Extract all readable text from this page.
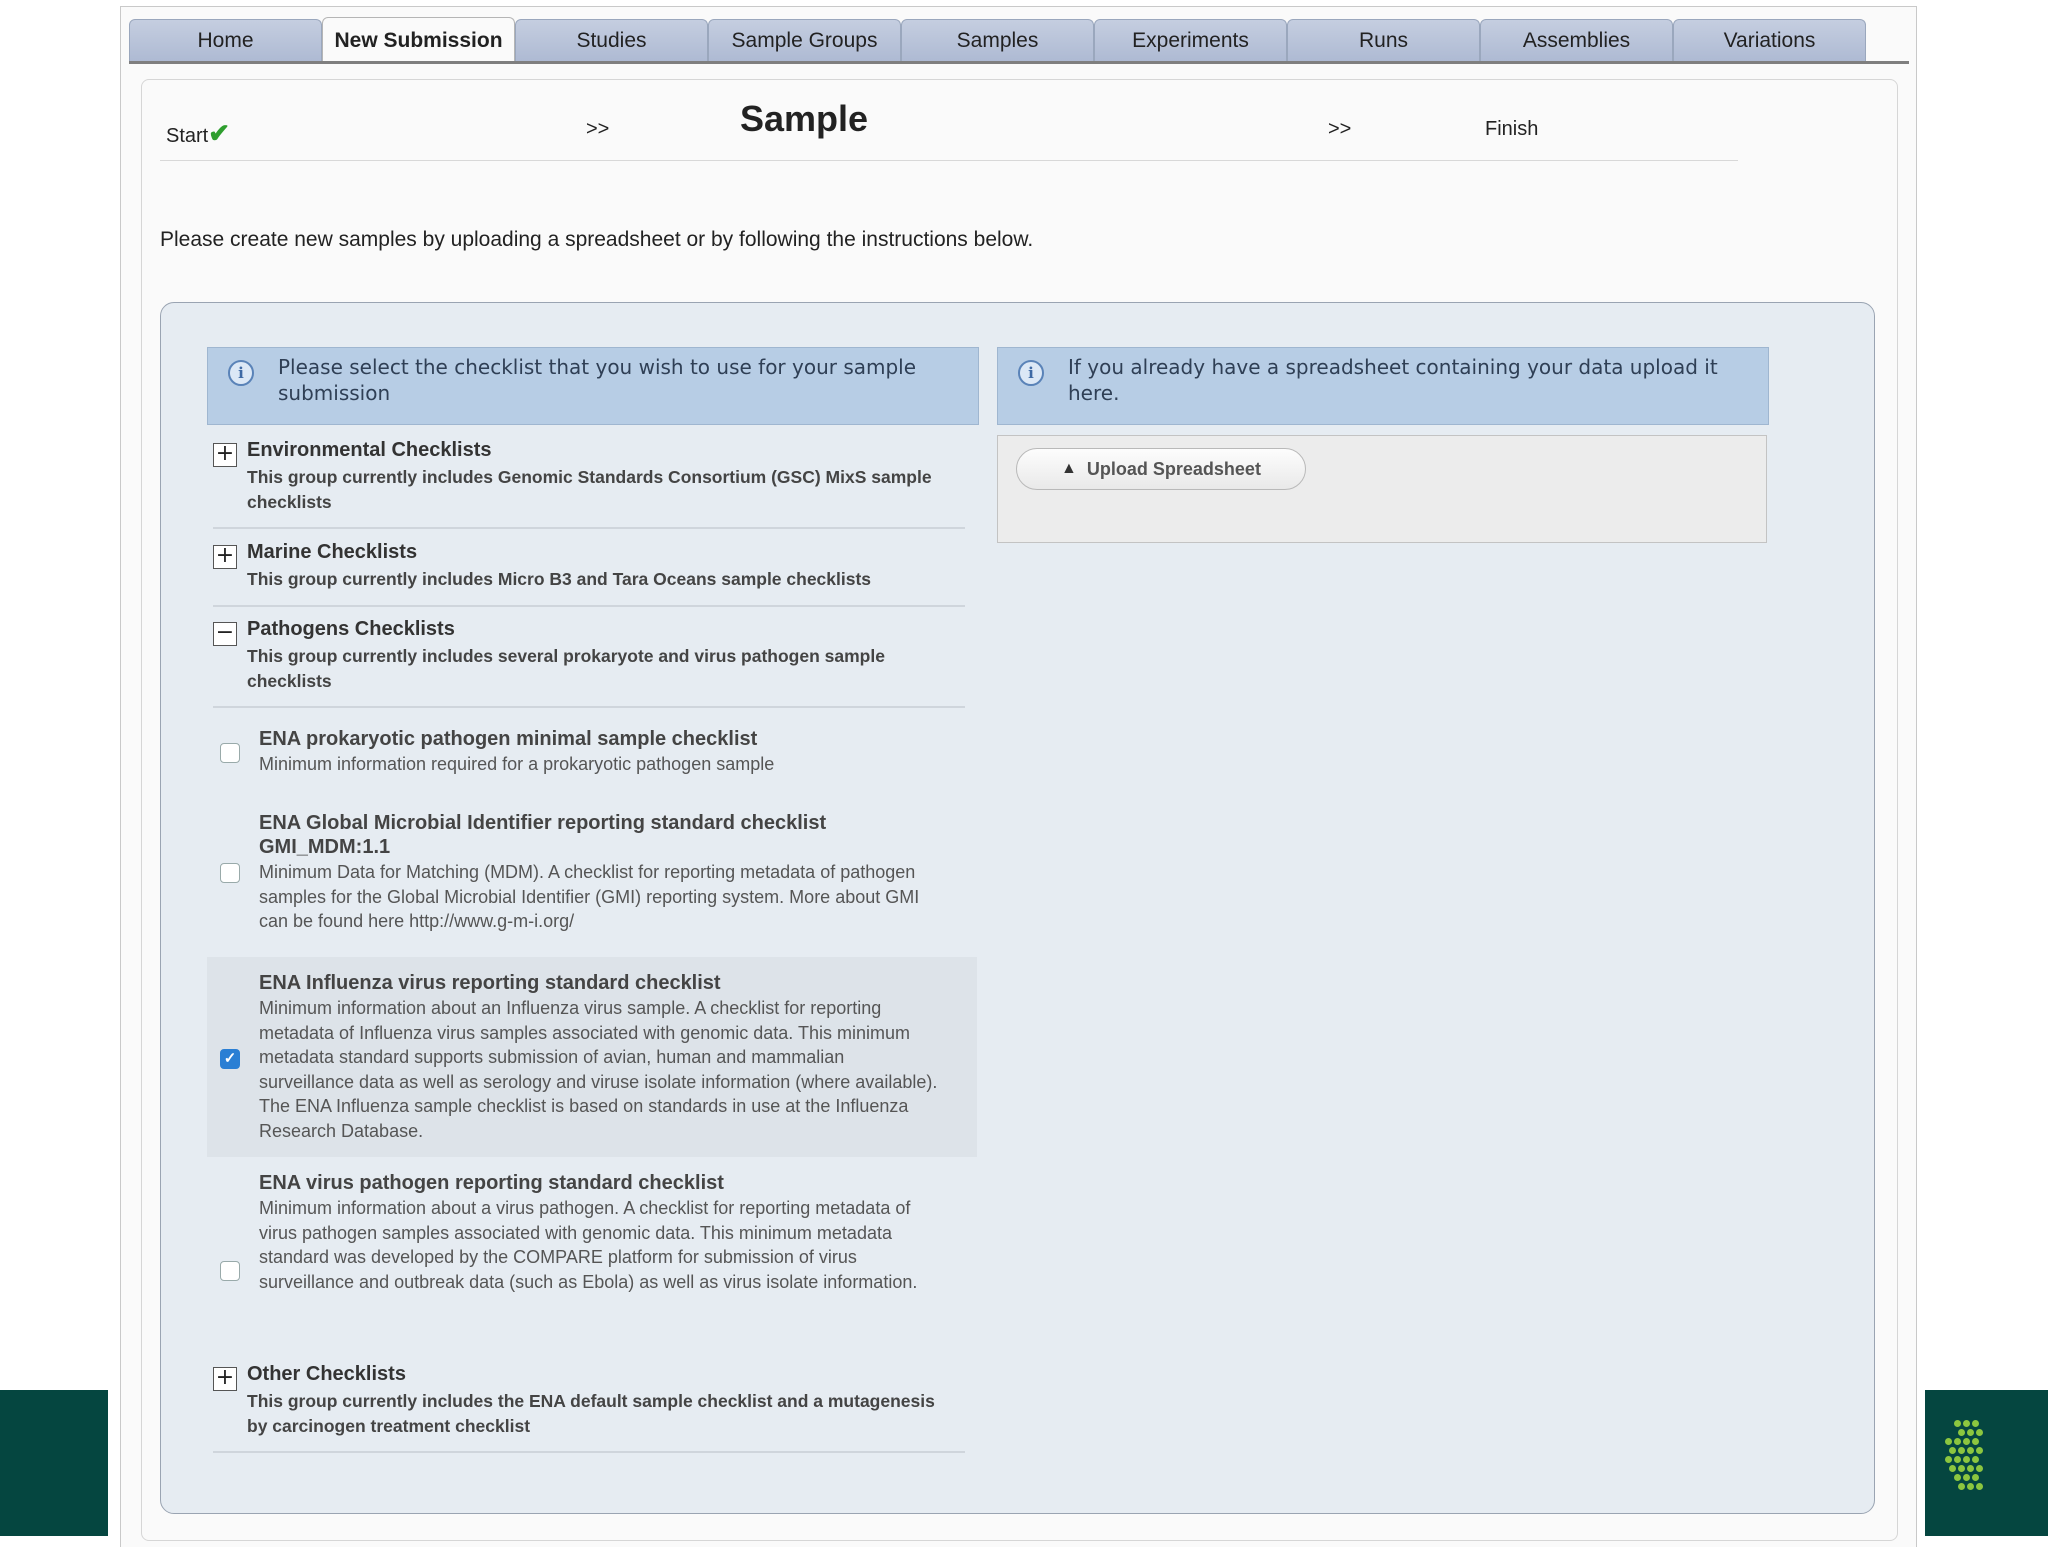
Home	New Submission	Studies	Sample Groups	Samples	Experiments	Runs	Assemblies	Variations
Start✔	>>	Sample	>>	Finish
Please create new samples by uploading a spreadsheet or by following the instructions below.
i	Please select the checklist that you wish to use for your sample submission
i	If you already have a spreadsheet containing your data upload it here.
▲ Upload Spreadsheet
+ Environmental Checklists
This group currently includes Genomic Standards Consortium (GSC) MixS sample checklists
+ Marine Checklists
This group currently includes Micro B3 and Tara Oceans sample checklists
− Pathogens Checklists
This group currently includes several prokaryote and virus pathogen sample checklists
ENA prokaryotic pathogen minimal sample checklist
Minimum information required for a prokaryotic pathogen sample
ENA Global Microbial Identifier reporting standard checklist GMI_MDM:1.1
Minimum Data for Matching (MDM). A checklist for reporting metadata of pathogen samples for the Global Microbial Identifier (GMI) reporting system. More about GMI can be found here http://www.g-m-i.org/
✓
ENA Influenza virus reporting standard checklist
Minimum information about an Influenza virus sample. A checklist for reporting metadata of Influenza virus samples associated with genomic data. This minimum metadata standard supports submission of avian, human and mammalian surveillance data as well as serology and viruse isolate information (where available). The ENA Influenza sample checklist is based on standards in use at the Influenza Research Database.
ENA virus pathogen reporting standard checklist
Minimum information about a virus pathogen. A checklist for reporting metadata of virus pathogen samples associated with genomic data. This minimum metadata standard was developed by the COMPARE platform for submission of virus surveillance and outbreak data (such as Ebola) as well as virus isolate information.
+ Other Checklists
This group currently includes the ENA default sample checklist and a mutagenesis by carcinogen treatment checklist
